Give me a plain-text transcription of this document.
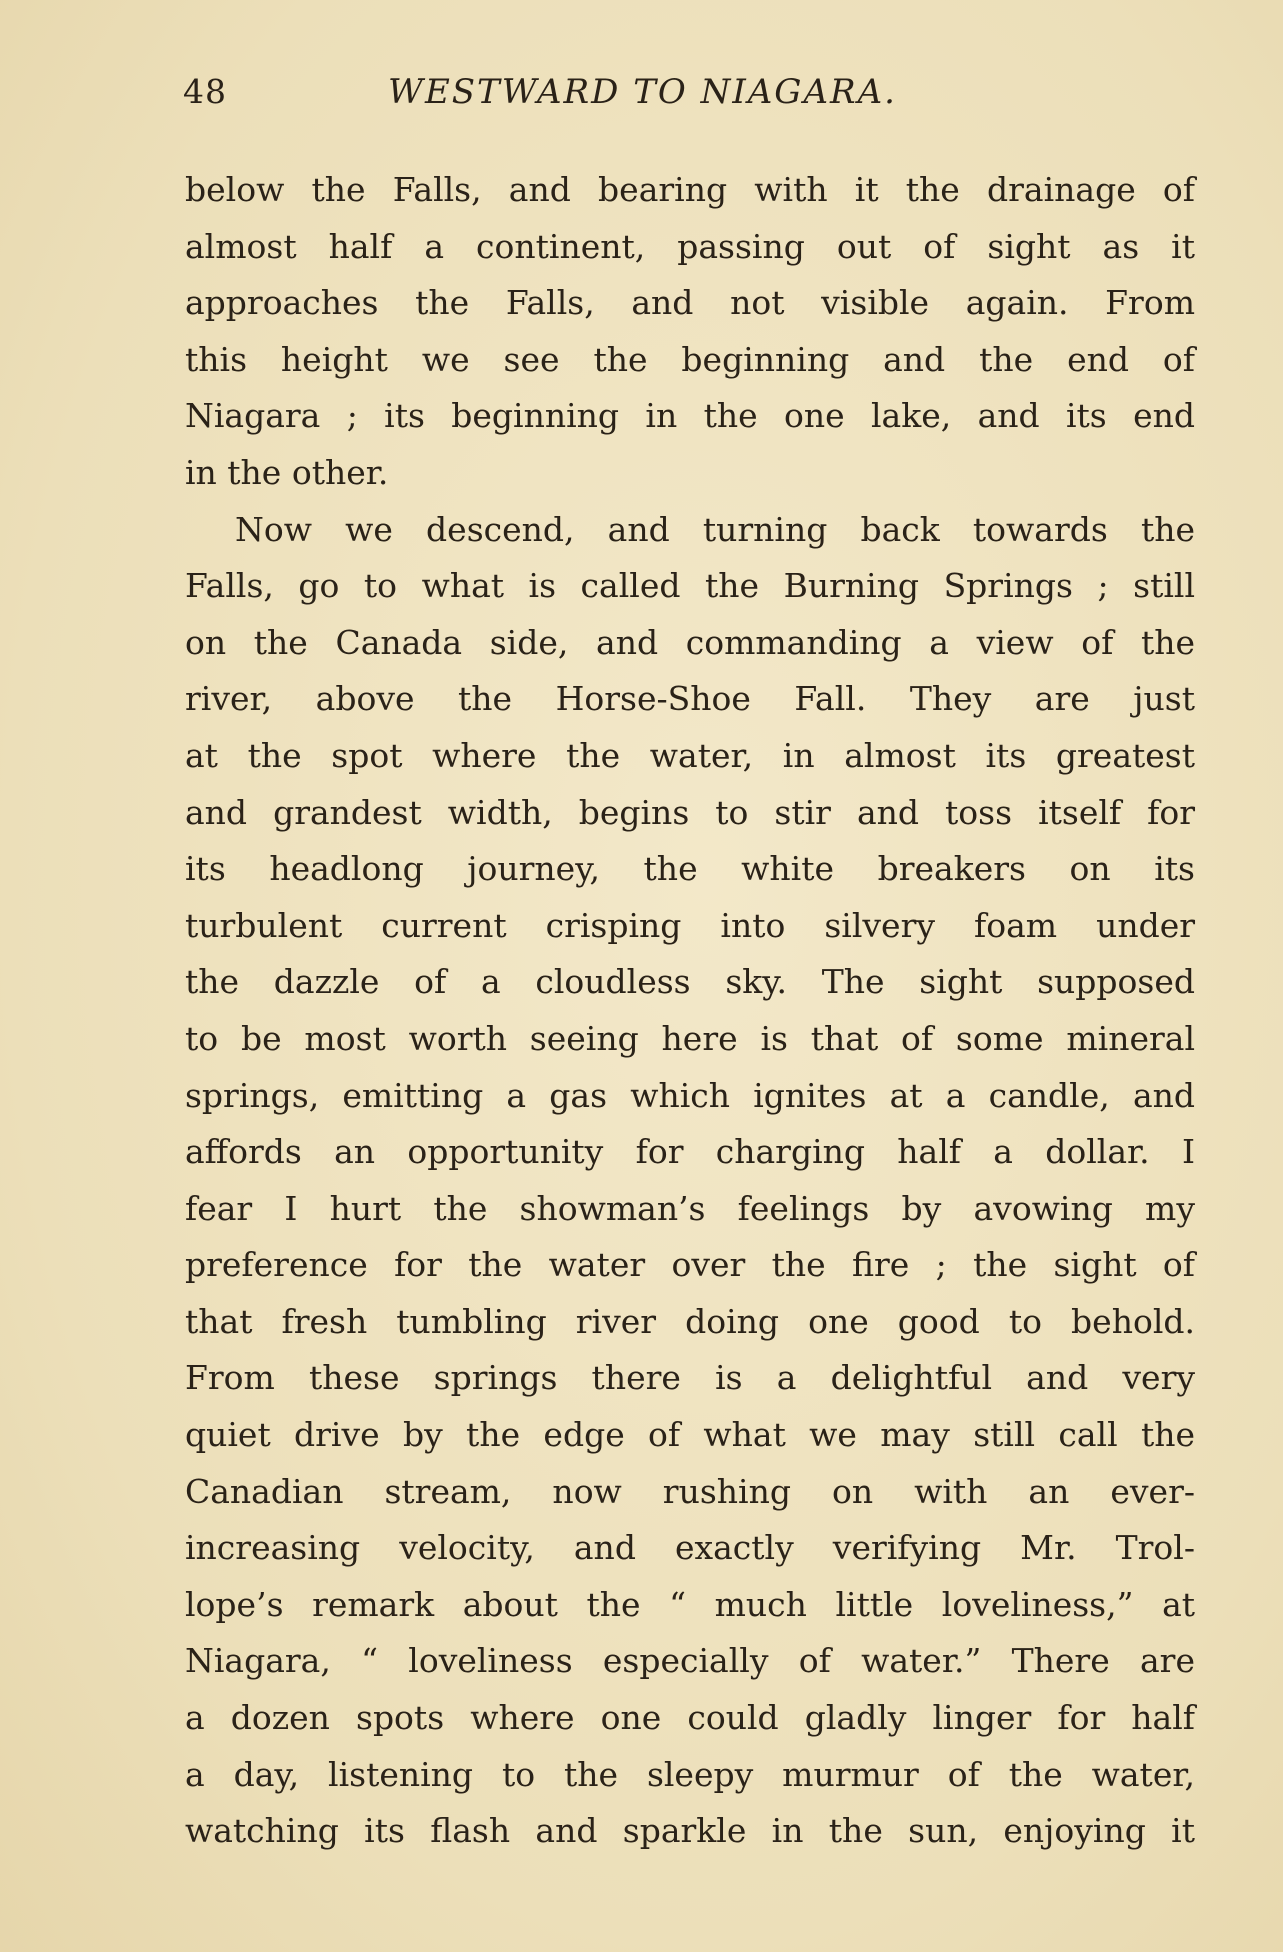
48	WESTWARD TO NIAGARA.
below the Falls, and bearing with it the drainage of
almost half a continent, passing out of sight as it
approaches the Falls, and not visible again. From
this height we see the beginning and the end of
Niagara ; its beginning in the one lake, and its end
in the other.
Now we descend, and turning back towards the
Falls, go to what is called the Burning Springs ; still
on the Canada side, and commanding a view of the
river, above the Horse-Shoe Fall. They are just
at the spot where the water, in almost its greatest
and grandest width, begins to stir and toss itself for
its headlong journey, the white breakers on its
turbulent current crisping into silvery foam under
the dazzle of a cloudless sky. The sight supposed
to be most worth seeing here is that of some mineral
springs, emitting a gas which ignites at a candle, and
affords an opportunity for charging half a dollar. I
fear I hurt the showman’s feelings by avowing my
preference for the water over the fire ; the sight of
that fresh tumbling river doing one good to behold.
From these springs there is a delightful and very
quiet drive by the edge of what we may still call the
Canadian stream, now rushing on with an ever-
increasing velocity, and exactly verifying Mr. Trol-
lope’s remark about the “ much little loveliness,” at
Niagara, “ loveliness especially of water.” There are
a dozen spots where one could gladly linger for half
a day, listening to the sleepy murmur of the water,
watching its flash and sparkle in the sun, enjoying it
